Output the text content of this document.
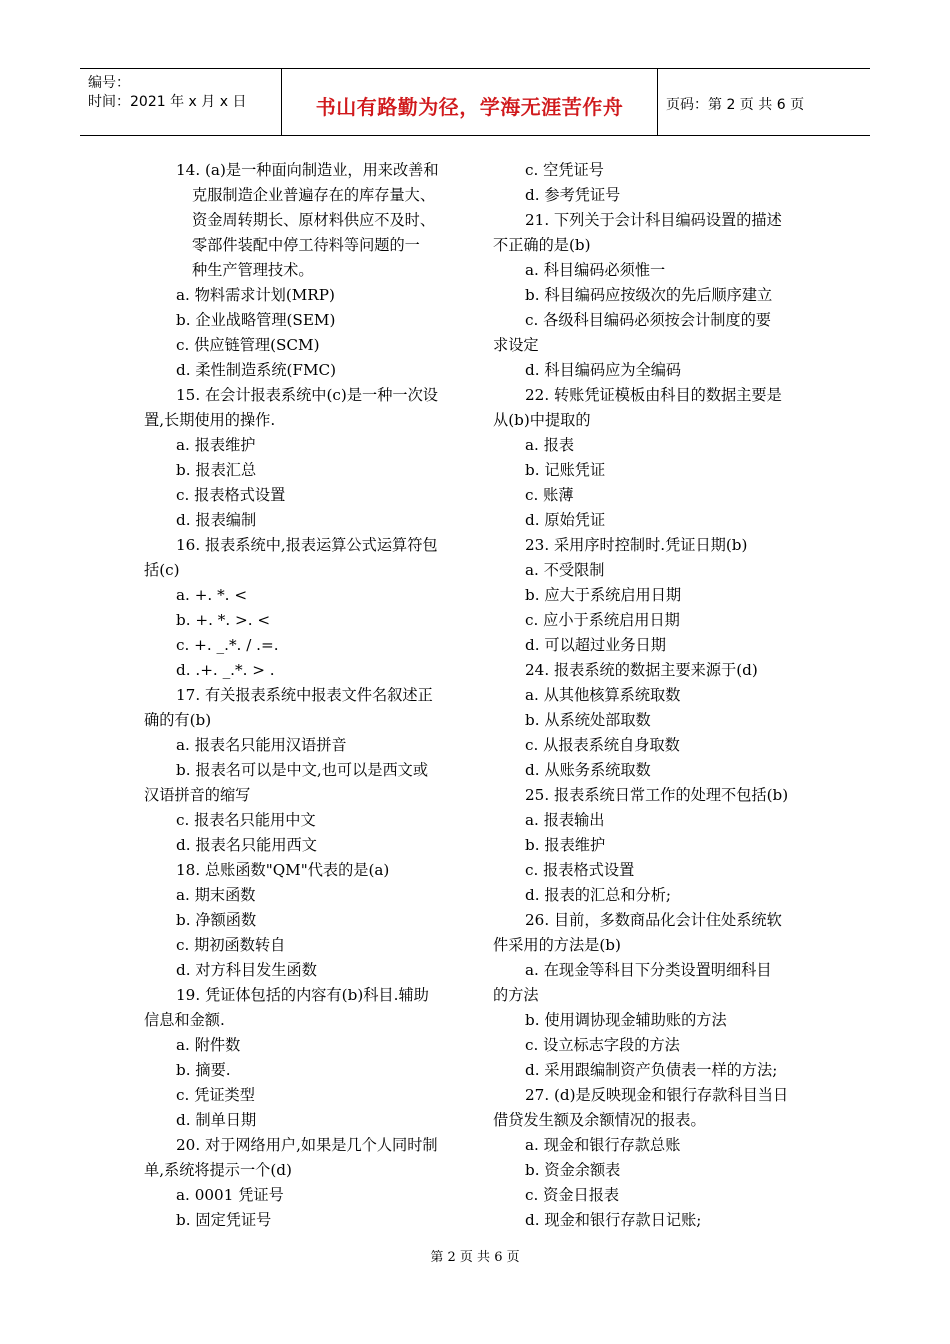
编号：
时间：2021 年 x 月 x 日	书山有路勤为径，学海无涯苦作舟	页码：第 2 页 共 6 页
14. (a)是一种面向制造业，用来改善和
克服制造企业普遍存在的库存量大、
资金周转期长、原材料供应不及时、
零部件装配中停工待料等问题的一
种生产管理技术。
a. 物料需求计划(MRP)
b. 企业战略管理(SEM)
c. 供应链管理(SCM)
d. 柔性制造系统(FMC)
15. 在会计报表系统中(c)是一种一次设
置,长期使用的操作.
a. 报表维护
b. 报表汇总
c. 报表格式设置
d. 报表编制
16. 报表系统中,报表运算公式运算符包
括(c)
a. +. *. <
b. +. *. >. <
c. +. _.*. / .=.
d. .+. _.*. > .
17. 有关报表系统中报表文件名叙述正
确的有(b)
a. 报表名只能用汉语拼音
b. 报表名可以是中文,也可以是西文或
汉语拼音的缩写
c. 报表名只能用中文
d. 报表名只能用西文
18. 总账函数"QM"代表的是(a)
a. 期末函数
b. 净额函数
c. 期初函数转自
d. 对方科目发生函数
19. 凭证体包括的内容有(b)科目.辅助
信息和金额.
a. 附件数
b. 摘要.
c. 凭证类型
d. 制单日期
20. 对于网络用户,如果是几个人同时制
单,系统将提示一个(d)
a. 0001 凭证号
b. 固定凭证号
c. 空凭证号
d. 参考凭证号
21. 下列关于会计科目编码设置的描述
不正确的是(b)
a. 科目编码必须惟一
b. 科目编码应按级次的先后顺序建立
c. 各级科目编码必须按会计制度的要
求设定
d. 科目编码应为全编码
22. 转账凭证模板由科目的数据主要是
从(b)中提取的
a. 报表
b. 记账凭证
c. 账薄
d. 原始凭证
23. 采用序时控制时.凭证日期(b)
a. 不受限制
b. 应大于系统启用日期
c. 应小于系统启用日期
d. 可以超过业务日期
24. 报表系统的数据主要来源于(d)
a. 从其他核算系统取数
b. 从系统处部取数
c. 从报表系统自身取数
d. 从账务系统取数
25. 报表系统日常工作的处理不包括(b)
a. 报表输出
b. 报表维护
c. 报表格式设置
d. 报表的汇总和分析;
26. 目前，多数商品化会计住处系统软
件采用的方法是(b)
a. 在现金等科目下分类设置明细科目
的方法
b. 使用调协现金辅助账的方法
c. 设立标志字段的方法
d. 采用跟编制资产负债表一样的方法;
27. (d)是反映现金和银行存款科目当日
借贷发生额及余额情况的报表。
a. 现金和银行存款总账
b. 资金余额表
c. 资金日报表
d. 现金和银行存款日记账;
第 2 页 共 6 页
